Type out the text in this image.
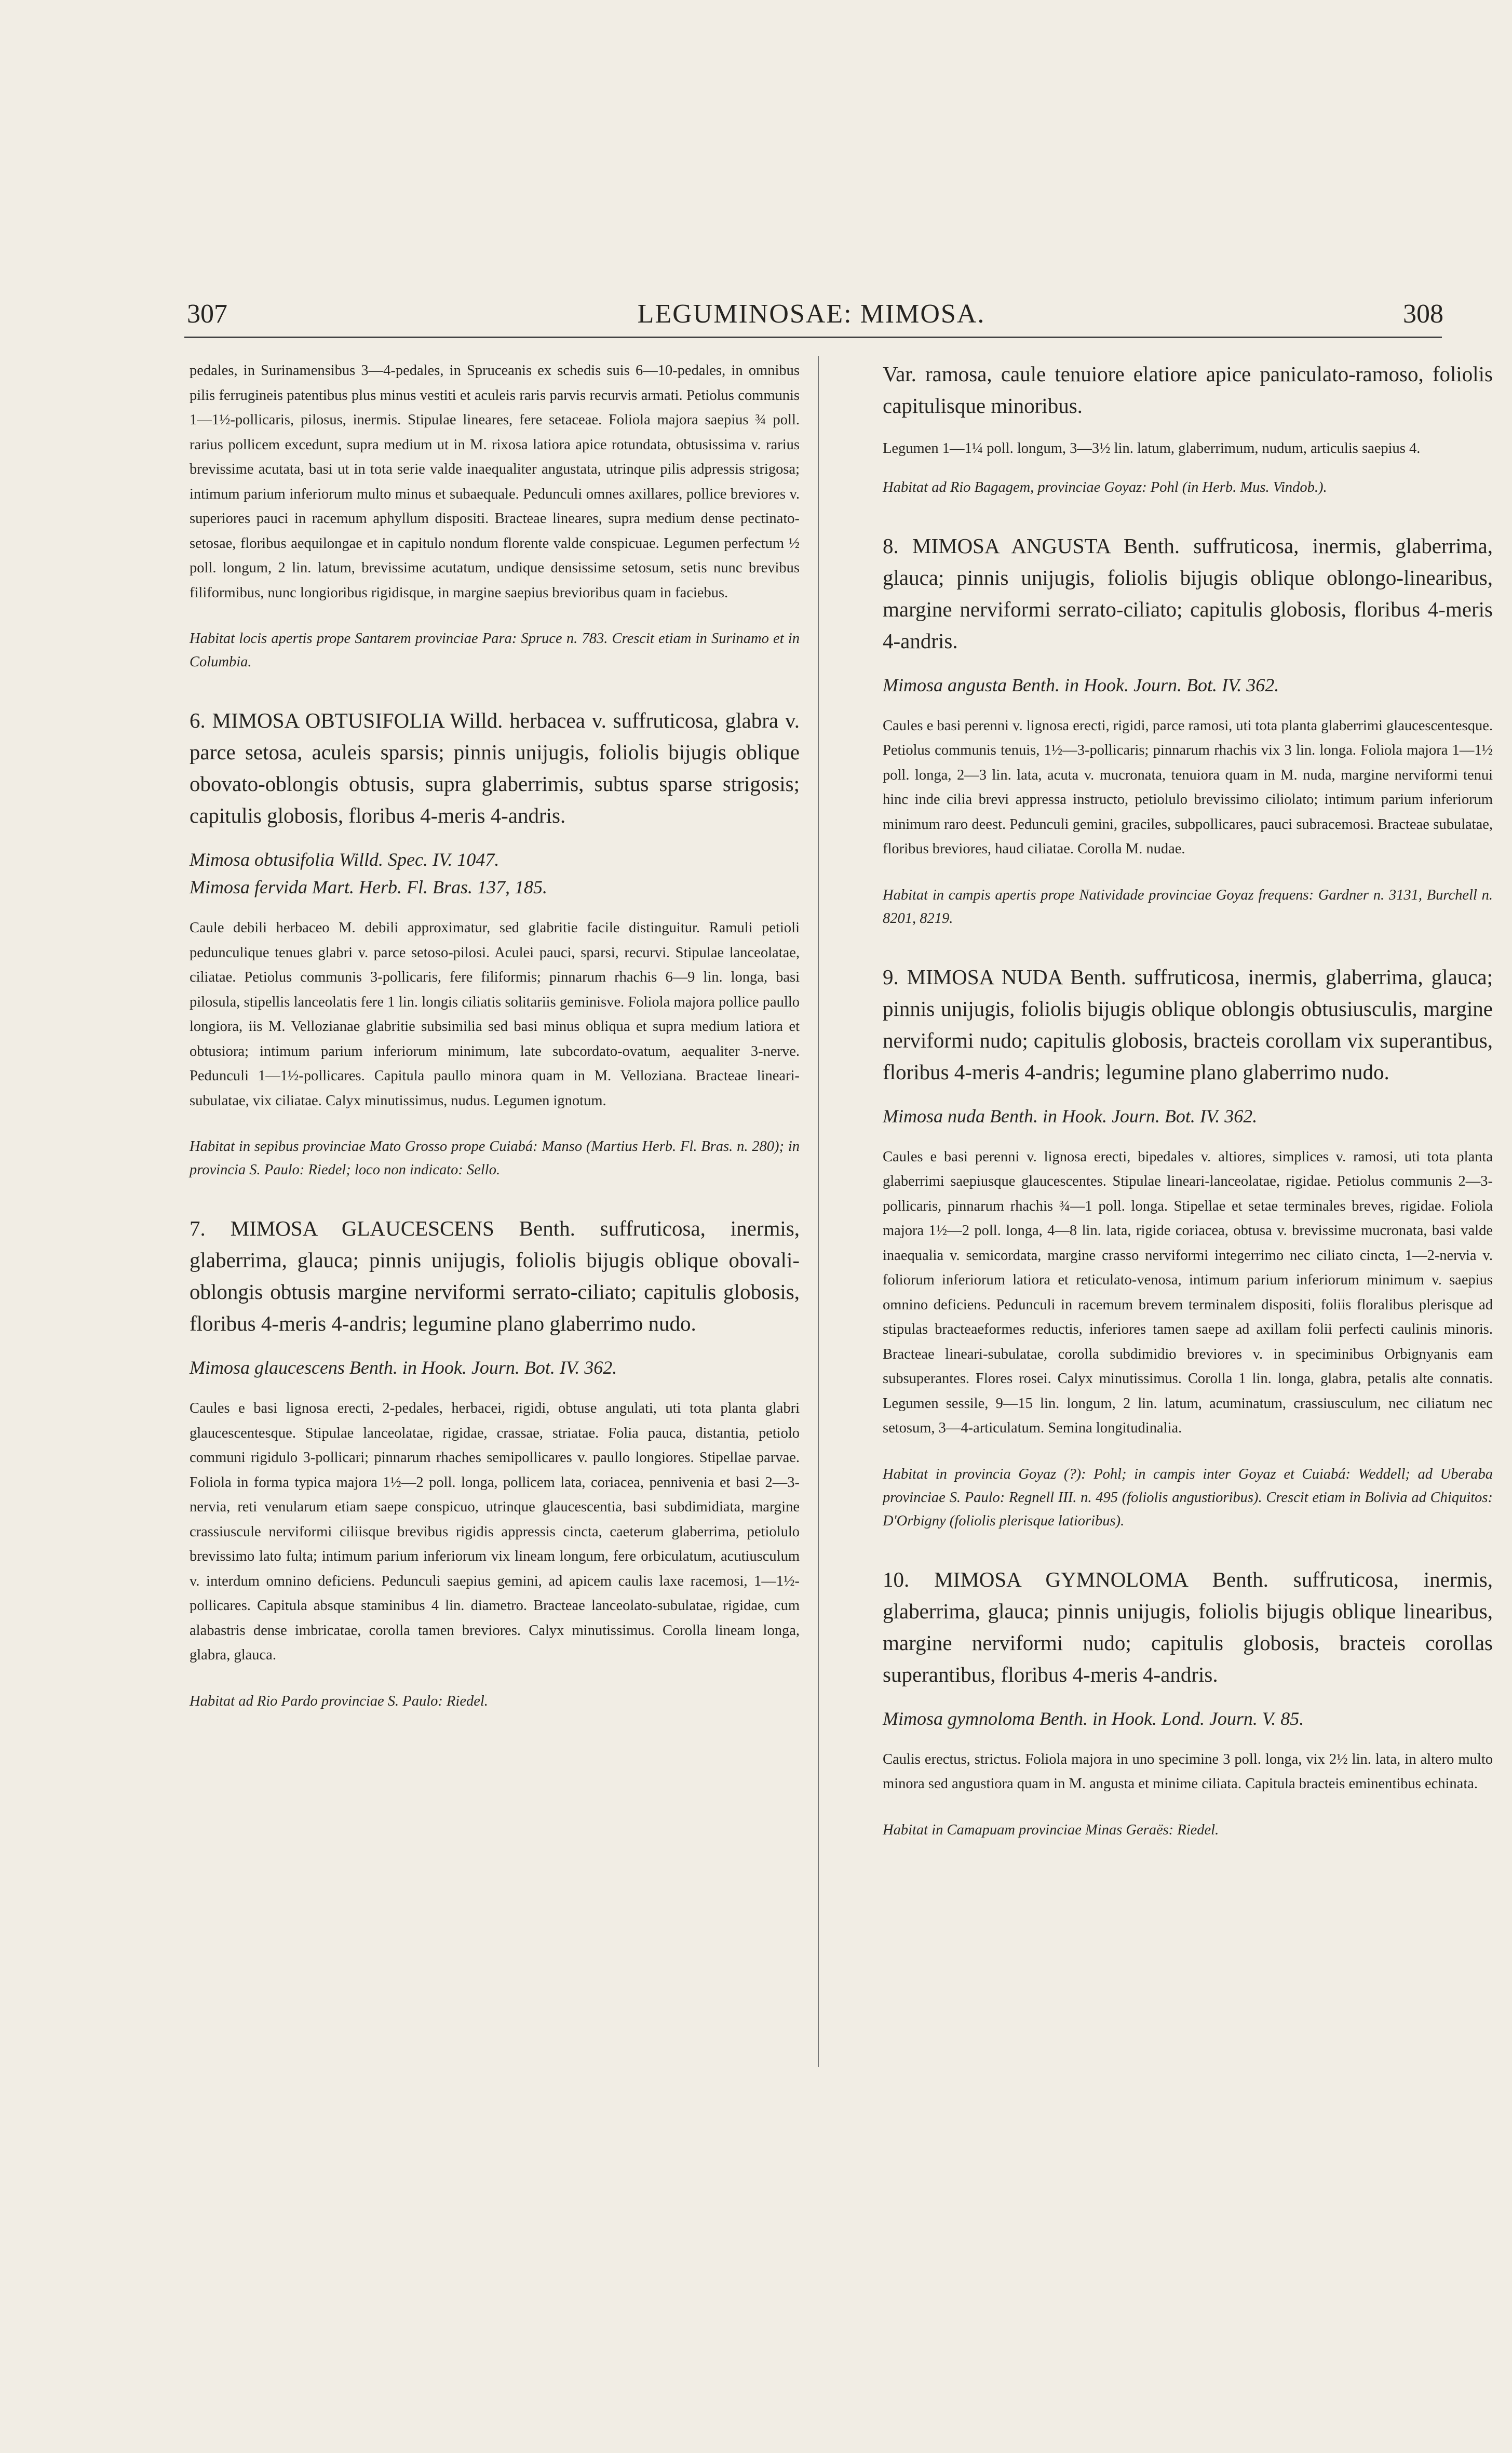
307	LEGUMINOSAE: MIMOSA.	308

pedales, in Surinamensibus 3—4-pedales, in Spruceanis ex schedis suis 6—10-pedales, in omnibus pilis ferrugineis patentibus plus minus vestiti et aculeis raris parvis recurvis armati. Petiolus communis 1—1½-pollicaris, pilosus, inermis. Stipulae lineares, fere setaceae. Foliola majora saepius ¾ poll. rarius pollicem excedunt, supra medium ut in M. rixosa latiora apice rotundata, obtusissima v. rarius brevissime acutata, basi ut in tota serie valde inaequaliter angustata, utrinque pilis adpressis strigosa; intimum parium inferiorum multo minus et subaequale. Pedunculi omnes axillares, pollice breviores v. superiores pauci in racemum aphyllum dispositi. Bracteae lineares, supra medium dense pectinato-setosae, floribus aequilongae et in capitulo nondum florente valde conspicuae. Legumen perfectum ½ poll. longum, 2 lin. latum, brevissime acutatum, undique densissime setosum, setis nunc brevibus filiformibus, nunc longioribus rigidisque, in margine saepius brevioribus quam in faciebus.

Habitat locis apertis prope Santarem provinciae Para: Spruce n. 783. Crescit etiam in Surinamo et in Columbia.

6. MIMOSA OBTUSIFOLIA Willd. herbacea v. suffruticosa, glabra v. parce setosa, aculeis sparsis; pinnis unijugis, foliolis bijugis oblique obovato-oblongis obtusis, supra glaberrimis, subtus sparse strigosis; capitulis globosis, floribus 4-meris 4-andris.

Mimosa obtusifolia Willd. Spec. IV. 1047.

Mimosa fervida Mart. Herb. Fl. Bras. 137, 185.

Caule debili herbaceo M. debili approximatur, sed glabritie facile distinguitur. Ramuli petioli pedunculique tenues glabri v. parce setoso-pilosi. Aculei pauci, sparsi, recurvi. Stipulae lanceolatae, ciliatae. Petiolus communis 3-pollicaris, fere filiformis; pinnarum rhachis 6—9 lin. longa, basi pilosula, stipellis lanceolatis fere 1 lin. longis ciliatis solitariis geminisve. Foliola majora pollice paullo longiora, iis M. Vellozianae glabritie subsimilia sed basi minus obliqua et supra medium latiora et obtusiora; intimum parium inferiorum minimum, late subcordato-ovatum, aequaliter 3-nerve. Pedunculi 1—1½-pollicares. Capitula paullo minora quam in M. Velloziana. Bracteae lineari-subulatae, vix ciliatae. Calyx minutissimus, nudus. Legumen ignotum.

Habitat in sepibus provinciae Mato Grosso prope Cuiabá: Manso (Martius Herb. Fl. Bras. n. 280); in provincia S. Paulo: Riedel; loco non indicato: Sello.

7. MIMOSA GLAUCESCENS Benth. suffruticosa, inermis, glaberrima, glauca; pinnis unijugis, foliolis bijugis oblique obovali-oblongis obtusis margine nerviformi serrato-ciliato; capitulis globosis, floribus 4-meris 4-andris; legumine plano glaberrimo nudo.

Mimosa glaucescens Benth. in Hook. Journ. Bot. IV. 362.

Caules e basi lignosa erecti, 2-pedales, herbacei, rigidi, obtuse angulati, uti tota planta glabri glaucescentesque. Stipulae lanceolatae, rigidae, crassae, striatae. Folia pauca, distantia, petiolo communi rigidulo 3-pollicari; pinnarum rhaches semipollicares v. paullo longiores. Stipellae parvae. Foliola in forma typica majora 1½—2 poll. longa, pollicem lata, coriacea, pennivenia et basi 2—3-nervia, reti venularum etiam saepe conspicuo, utrinque glaucescentia, basi subdimidiata, margine crassiuscule nerviformi ciliisque brevibus rigidis appressis cincta, caeterum glaberrima, petiolulo brevissimo lato fulta; intimum parium inferiorum vix lineam longum, fere orbiculatum, acutiusculum v. interdum omnino deficiens. Pedunculi saepius gemini, ad apicem caulis laxe racemosi, 1—1½-pollicares. Capitula absque staminibus 4 lin. diametro. Bracteae lanceolato-subulatae, rigidae, cum alabastris dense imbricatae, corolla tamen breviores. Calyx minutissimus. Corolla lineam longa, glabra, glauca.

Habitat ad Rio Pardo provinciae S. Paulo: Riedel.

Var. ramosa, caule tenuiore elatiore apice paniculato-ramoso, foliolis capitulisque minoribus.

Legumen 1—1¼ poll. longum, 3—3½ lin. latum, glaberrimum, nudum, articulis saepius 4.

Habitat ad Rio Bagagem, provinciae Goyaz: Pohl (in Herb. Mus. Vindob.).

8. MIMOSA ANGUSTA Benth. suffruticosa, inermis, glaberrima, glauca; pinnis unijugis, foliolis bijugis oblique oblongo-linearibus, margine nerviformi serrato-ciliato; capitulis globosis, floribus 4-meris 4-andris.

Mimosa angusta Benth. in Hook. Journ. Bot. IV. 362.

Caules e basi perenni v. lignosa erecti, rigidi, parce ramosi, uti tota planta glaberrimi glaucescentesque. Petiolus communis tenuis, 1½—3-pollicaris; pinnarum rhachis vix 3 lin. longa. Foliola majora 1—1½ poll. longa, 2—3 lin. lata, acuta v. mucronata, tenuiora quam in M. nuda, margine nerviformi tenui hinc inde cilia brevi appressa instructo, petiolulo brevissimo ciliolato; intimum parium inferiorum minimum raro deest. Pedunculi gemini, graciles, subpollicares, pauci subracemosi. Bracteae subulatae, floribus breviores, haud ciliatae. Corolla M. nudae.

Habitat in campis apertis prope Natividade provinciae Goyaz frequens: Gardner n. 3131, Burchell n. 8201, 8219.

9. MIMOSA NUDA Benth. suffruticosa, inermis, glaberrima, glauca; pinnis unijugis, foliolis bijugis oblique oblongis obtusiusculis, margine nerviformi nudo; capitulis globosis, bracteis corollam vix superantibus, floribus 4-meris 4-andris; legumine plano glaberrimo nudo.

Mimosa nuda Benth. in Hook. Journ. Bot. IV. 362.

Caules e basi perenni v. lignosa erecti, bipedales v. altiores, simplices v. ramosi, uti tota planta glaberrimi saepiusque glaucescentes. Stipulae lineari-lanceolatae, rigidae. Petiolus communis 2—3-pollicaris, pinnarum rhachis ¾—1 poll. longa. Stipellae et setae terminales breves, rigidae. Foliola majora 1½—2 poll. longa, 4—8 lin. lata, rigide coriacea, obtusa v. brevissime mucronata, basi valde inaequalia v. semicordata, margine crasso nerviformi integerrimo nec ciliato cincta, 1—2-nervia v. foliorum inferiorum latiora et reticulato-venosa, intimum parium inferiorum minimum v. saepius omnino deficiens. Pedunculi in racemum brevem terminalem dispositi, foliis floralibus plerisque ad stipulas bracteaeformes reductis, inferiores tamen saepe ad axillam folii perfecti caulinis minoris. Bracteae lineari-subulatae, corolla subdimidio breviores v. in speciminibus Orbignyanis eam subsuperantes. Flores rosei. Calyx minutissimus. Corolla 1 lin. longa, glabra, petalis alte connatis. Legumen sessile, 9—15 lin. longum, 2 lin. latum, acuminatum, crassiusculum, nec ciliatum nec setosum, 3—4-articulatum. Semina longitudinalia.

Habitat in provincia Goyaz (?): Pohl; in campis inter Goyaz et Cuiabá: Weddell; ad Uberaba provinciae S. Paulo: Regnell III. n. 495 (foliolis angustioribus). Crescit etiam in Bolivia ad Chiquitos: D'Orbigny (foliolis plerisque latioribus).

10. MIMOSA GYMNOLOMA Benth. suffruticosa, inermis, glaberrima, glauca; pinnis unijugis, foliolis bijugis oblique linearibus, margine nerviformi nudo; capitulis globosis, bracteis corollas superantibus, floribus 4-meris 4-andris.

Mimosa gymnoloma Benth. in Hook. Lond. Journ. V. 85.

Caulis erectus, strictus. Foliola majora in uno specimine 3 poll. longa, vix 2½ lin. lata, in altero multo minora sed angustiora quam in M. angusta et minime ciliata. Capitula bracteis eminentibus echinata.

Habitat in Camapuam provinciae Minas Geraës: Riedel.
